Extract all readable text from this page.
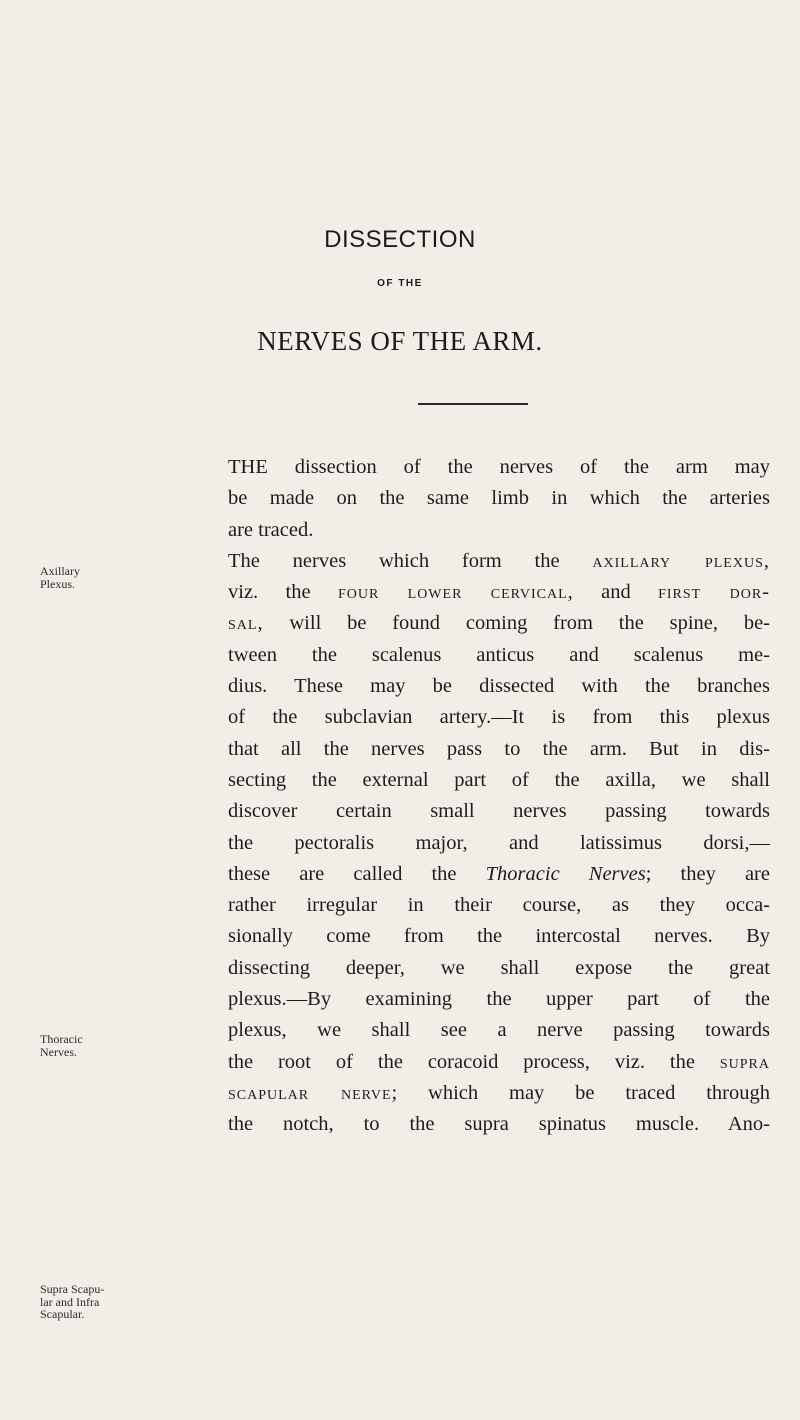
DISSECTION
OF THE
NERVES OF THE ARM.
Axillary
Plexus.
Thoracic
Nerves.
Supra Scapu-
lar and Infra
Scapular.
THE dissection of the nerves of the arm may
be made on the same limb in which the arteries
are traced.
The nerves which form the axillary plexus,
viz. the four lower cervical, and first dor-
sal, will be found coming from the spine, be-
tween the scalenus anticus and scalenus me-
dius. These may be dissected with the branches
of the subclavian artery.—It is from this plexus
that all the nerves pass to the arm. But in dis-
secting the external part of the axilla, we shall
discover certain small nerves passing towards
the pectoralis major, and latissimus dorsi,—
these are called the Thoracic Nerves; they are
rather irregular in their course, as they occa-
sionally come from the intercostal nerves. By
dissecting deeper, we shall expose the great
plexus.—By examining the upper part of the
plexus, we shall see a nerve passing towards
the root of the coracoid process, viz. the supra
scapular nerve; which may be traced through
the notch, to the supra spinatus muscle. Ano-
